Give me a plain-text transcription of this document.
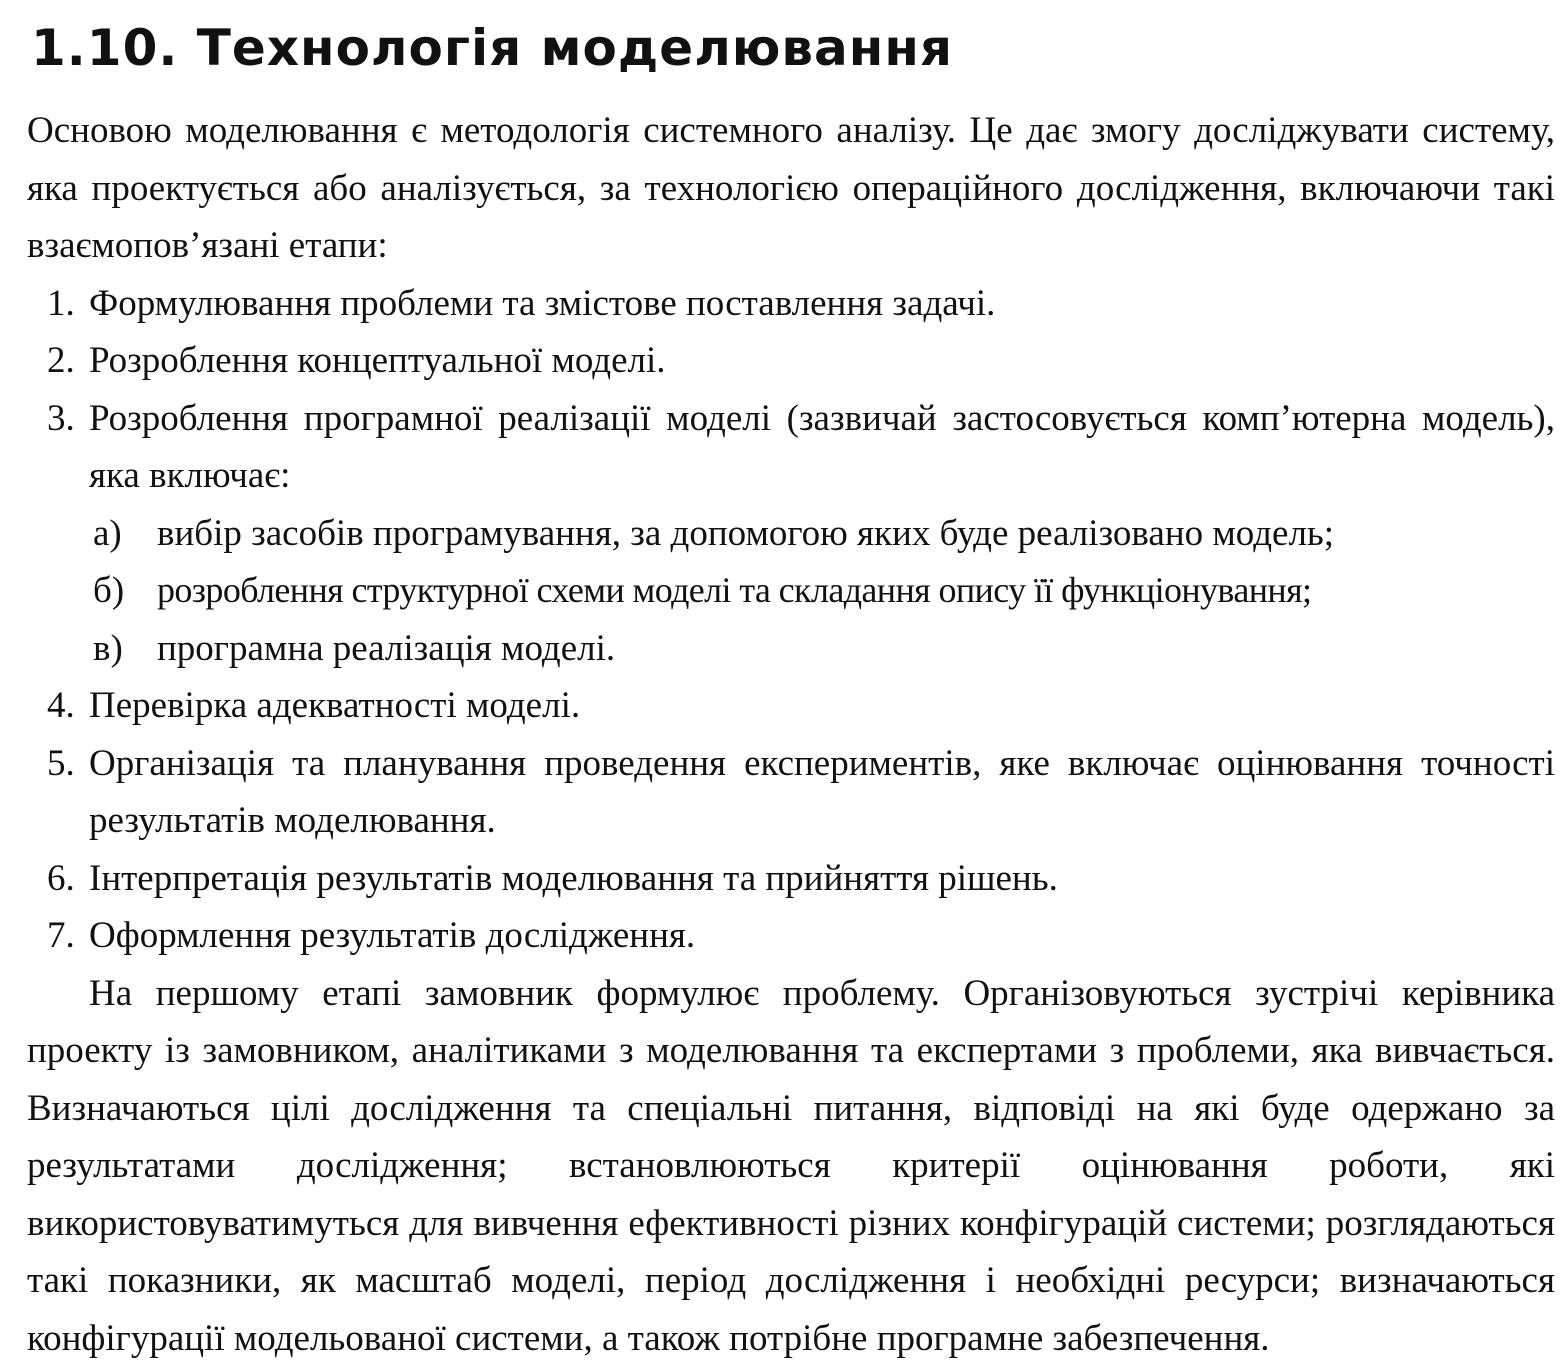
1.10. Технологія моделювання

Основою моделювання є методологія системного аналізу. Це дає змогу досліджувати систему, яка проектується або аналізується, за технологією операційного дослідження, включаючи такі взаємопов’язані етапи:

1. Формулювання проблеми та змістове поставлення задачі.
2. Розроблення концептуальної моделі.
3. Розроблення програмної реалізації моделі (зазвичай застосовується комп’ютерна модель), яка включає:
а) вибір засобів програмування, за допомогою яких буде реалізовано модель;
б) розроблення структурної схеми моделі та складання опису її функціонування;
в) програмна реалізація моделі.
4. Перевірка адекватності моделі.
5. Організація та планування проведення експериментів, яке включає оцінювання точності результатів моделювання.
6. Інтерпретація результатів моделювання та прийняття рішень.
7. Оформлення результатів дослідження.

На першому етапі замовник формулює проблему. Організовуються зустрічі керівника проекту із замовником, аналітиками з моделювання та експертами з проблеми, яка вивчається. Визначаються цілі дослідження та спеціальні питання, відповіді на які буде одержано за результатами дослідження; встановлюються критерії оцінювання роботи, які використовуватимуться для вивчення ефективності різних конфігурацій системи; розглядаються такі показники, як масштаб моделі, період дослідження і необхідні ресурси; визначаються конфігурації модельованої системи, а також потрібне програмне забезпечення.
